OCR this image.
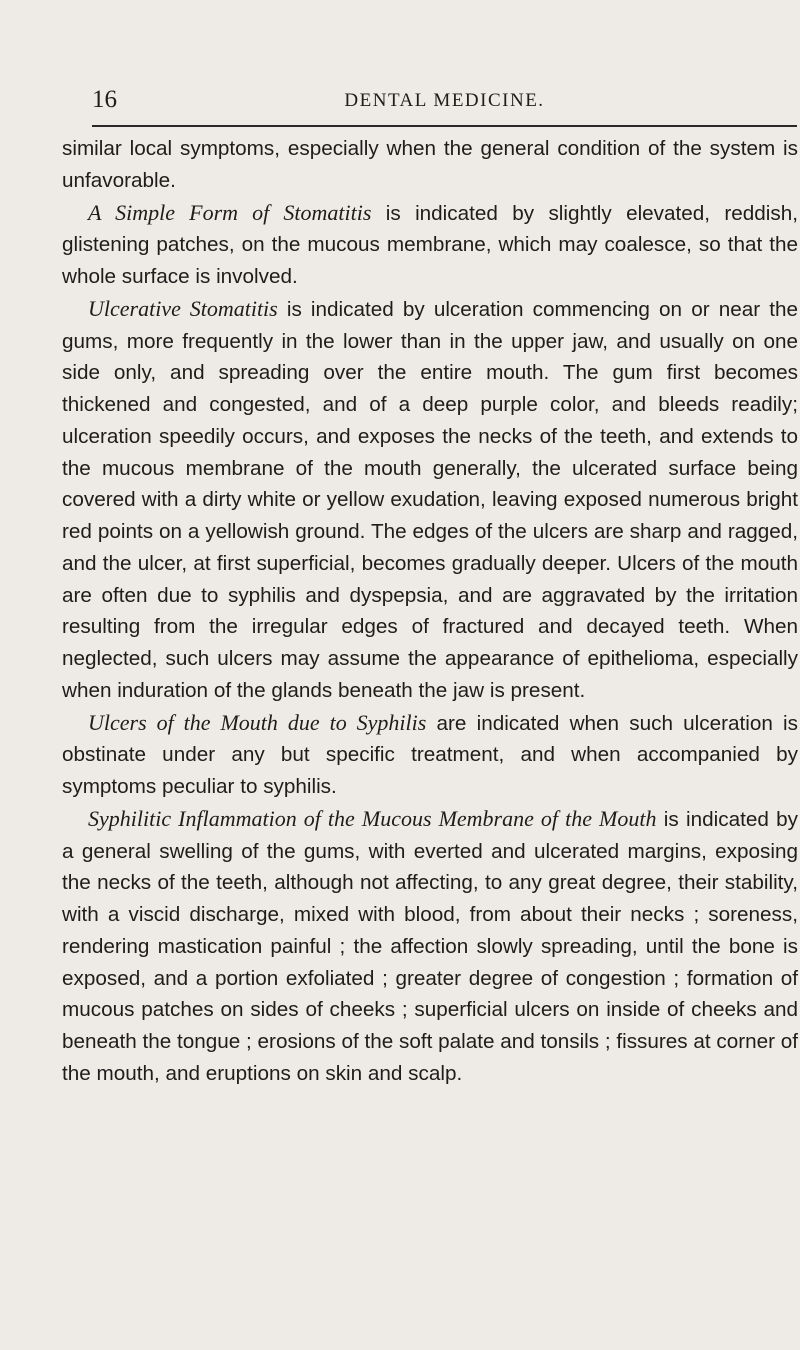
16	DENTAL MEDICINE.

similar local symptoms, especially when the general condition of the system is unfavorable.

A Simple Form of Stomatitis is indicated by slightly elevated, reddish, glistening patches, on the mucous membrane, which may coalesce, so that the whole surface is involved.

Ulcerative Stomatitis is indicated by ulceration commencing on or near the gums, more frequently in the lower than in the upper jaw, and usually on one side only, and spreading over the entire mouth. The gum first becomes thickened and congested, and of a deep purple color, and bleeds readily; ulceration speedily occurs, and exposes the necks of the teeth, and extends to the mucous membrane of the mouth generally, the ulcerated surface being covered with a dirty white or yellow exudation, leaving exposed numerous bright red points on a yellowish ground. The edges of the ulcers are sharp and ragged, and the ulcer, at first superficial, becomes gradually deeper. Ulcers of the mouth are often due to syphilis and dyspepsia, and are aggravated by the irritation resulting from the irregular edges of fractured and decayed teeth. When neglected, such ulcers may assume the appearance of epithelioma, especially when induration of the glands beneath the jaw is present.

Ulcers of the Mouth due to Syphilis are indicated when such ulceration is obstinate under any but specific treatment, and when accompanied by symptoms peculiar to syphilis.

Syphilitic Inflammation of the Mucous Membrane of the Mouth is indicated by a general swelling of the gums, with everted and ulcerated margins, exposing the necks of the teeth, although not affecting, to any great degree, their stability, with a viscid discharge, mixed with blood, from about their necks ; soreness, rendering mastication painful ; the affection slowly spreading, until the bone is exposed, and a portion exfoliated ; greater degree of congestion ; formation of mucous patches on sides of cheeks ; superficial ulcers on inside of cheeks and beneath the tongue ; erosions of the soft palate and tonsils ; fissures at corner of the mouth, and eruptions on skin and scalp.
